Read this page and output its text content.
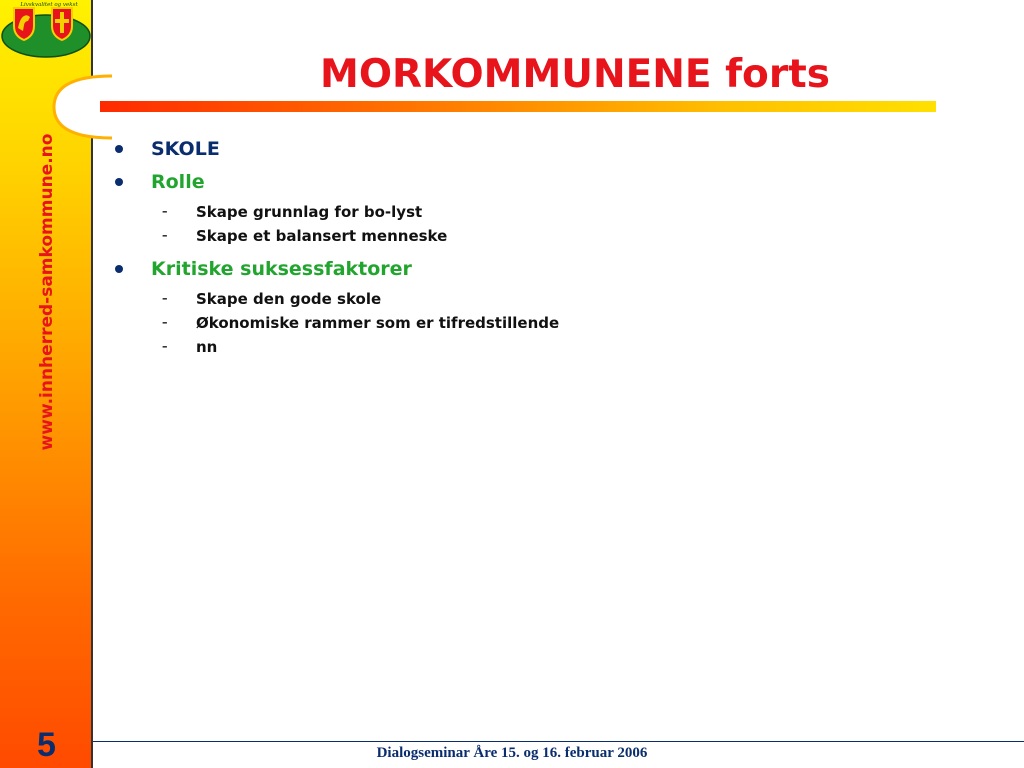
Livskvalitet og vekst
www.innherred-samkommune.no
5
MORKOMMUNENE forts
SKOLE
Rolle
– Skape grunnlag for bo-lyst
– Skape et balansert menneske
Kritiske suksessfaktorer
– Skape den gode skole
– Økonomiske rammer som er tifredstillende
– nn
Dialogseminar Åre 15. og 16. februar 2006
